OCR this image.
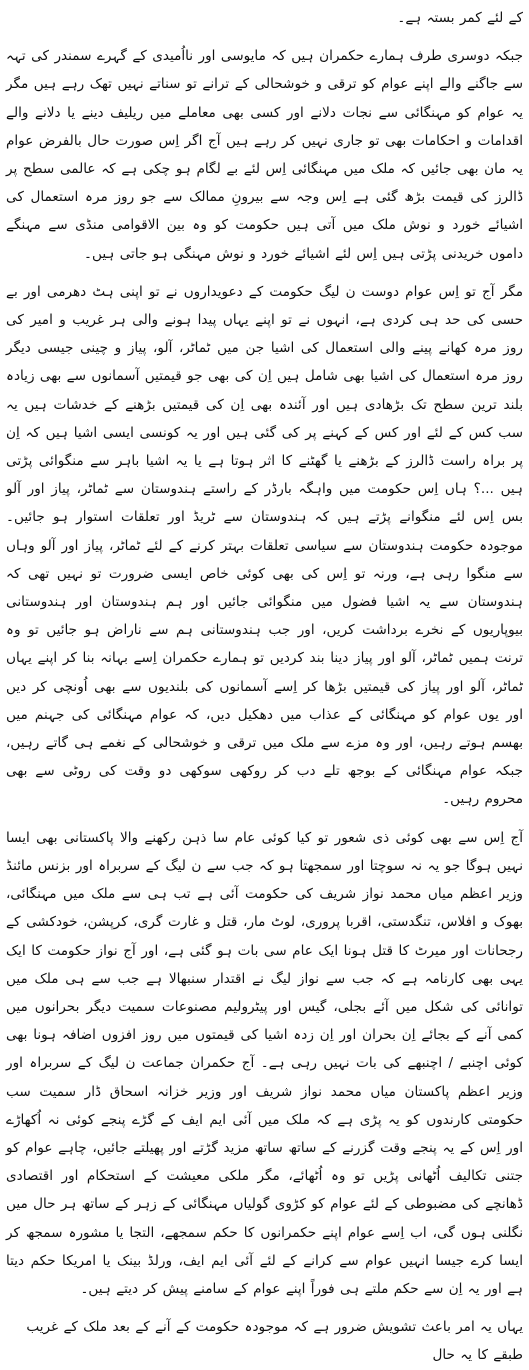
کے لئے کمر بستہ ہے۔

جبکہ دوسری طرف ہمارے حکمران ہیں کہ مایوسی اور نااُمیدی کے گہرے سمندر کی تہہ سے جاگنے والے اپنے عوام کو ترقی و خوشحالی کے ترانے تو سناتے نہیں تھک رہے ہیں مگر یہ عوام کو مہنگائی سے نجات دلانے اور کسی بھی معاملے میں ریلیف دینے یا دلانے والے اقدامات و احکامات بھی تو جاری نہیں کر رہے ہیں آج اگر اِس صورت حال بالفرض عوام یہ مان بھی جائیں کہ ملک میں مہنگائی اِس لئے بے لگام ہو چکی ہے کہ عالمی سطح پر ڈالرز کی قیمت بڑھ گئی ہے اِس وجہ سے بیرونِ ممالک سے جو روز مرہ استعمال کی اشیائے خورد و نوش ملک میں آتی ہیں حکومت کو وہ بین الاقوامی منڈی سے مہنگے داموں خریدنی پڑتی ہیں اِس لئے اشیائے خورد و نوش مہنگی ہو جاتی ہیں۔

مگر آج تو اِس عوام دوست ن لیگ حکومت کے دعویداروں نے تو اپنی ہٹ دھرمی اور بے حسی کی حد ہی کردی ہے، انہوں نے تو اپنے یہاں پیدا ہونے والی ہر غریب و امیر کی روز مرہ کھانے پینے والی استعمال کی اشیا جن میں ٹماٹر، آلو، پیاز و چینی جیسی دیگر روز مرہ استعمال کی اشیا بھی شامل ہیں اِن کی بھی جو قیمتیں آسمانوں سے بھی زیادہ بلند ترین سطح تک بڑھادی ہیں اور آئندہ بھی اِن کی قیمتیں بڑھنے کے خدشات ہیں یہ سب کس کے لئے اور کس کے کہنے پر کی گئی ہیں اور یہ کونسی ایسی اشیا ہیں کہ اِن پر براہ راست ڈالرز کے بڑھنے یا گھٹنے کا اثر ہوتا ہے یا یہ اشیا باہر سے منگوائی پڑتی ہیں ...؟ ہاں اِس حکومت میں واہگہ بارڈر کے راستے ہندوستان سے ٹماٹر، پیاز اور آلو بس اِس لئے منگوانے پڑتے ہیں کہ ہندوستان سے ٹریڈ اور تعلقات استوار ہو جائیں۔ موجودہ حکومت ہندوستان سے سیاسی تعلقات بہتر کرنے کے لئے ٹماٹر، پیاز اور آلو وہاں سے منگوا رہی ہے، ورنہ تو اِس کی بھی کوئی خاص ایسی ضرورت تو نہیں تھی کہ ہندوستان سے یہ اشیا فضول میں منگوائی جائیں اور ہم ہندوستان اور ہندوستانی بیوپاریوں کے نخرے برداشت کریں، اور جب ہندوستانی ہم سے ناراض ہو جائیں تو وہ ترنت ہمیں ٹماٹر، آلو اور پیاز دینا بند کردیں تو ہمارے حکمران اِسے بہانہ بنا کر اپنے یہاں ٹماٹر، آلو اور پیاز کی قیمتیں بڑھا کر اِسے آسمانوں کی بلندیوں سے بھی اُونچی کر دیں اور یوں عوام کو مہنگائی کے عذاب میں دھکیل دیں، کہ عوام مہنگائی کی جہنم میں بھسم ہوتے رہیں، اور وہ مزے سے ملک میں ترقی و خوشحالی کے نغمے ہی گاتے رہیں، جبکہ عوام مہنگائی کے بوجھ تلے دب کر روکھی سوکھی دو وقت کی روٹی سے بھی محروم رہیں۔

آج اِس سے بھی کوئی ذی شعور تو کیا کوئی عام سا ذہن رکھنے والا پاکستانی بھی ایسا نہیں ہوگا جو یہ نہ سوچتا اور سمجھتا ہو کہ جب سے ن لیگ کے سربراہ اور بزنس مائنڈ وزیر اعظم میاں محمد نواز شریف کی حکومت آئی ہے تب ہی سے ملک میں مہنگائی، بھوک و افلاس، تنگدستی، اقربا پروری، لوٹ مار، قتل و غارت گری، کرپشن، خودکشی کے رجحانات اور میرٹ کا قتل ہونا ایک عام سی بات ہو گئی ہے، اور آج نواز حکومت کا ایک یہی بھی کارنامہ ہے کہ جب سے نواز لیگ نے اقتدار سنبھالا ہے جب سے ہی ملک میں توانائی کی شکل میں آئے بجلی، گیس اور پیٹرولیم مصنوعات سمیت دیگر بحرانوں میں کمی آنے کے بجائے اِن بحران اور اِن زدہ اشیا کی قیمتوں میں روز افزوں اضافہ ہونا بھی کوئی اچنبے / اچنبھے کی بات نہیں رہی ہے۔ آج حکمران جماعت ن لیگ کے سربراہ اور وزیر اعظم پاکستان میاں محمد نواز شریف اور وزیر خزانہ اسحاق ڈار سمیت سب حکومتی کارندوں کو یہ پڑی ہے کہ ملک میں آئی ایم ایف کے گڑے پنجے کوئی نہ اُکھاڑے اور اِس کے یہ پنجے وقت گزرنے کے ساتھ ساتھ مزید گڑتے اور پھیلتے جائیں، چاہے عوام کو جتنی تکالیف اُٹھانی پڑیں تو وہ اُٹھائے، مگر ملکی معیشت کے استحکام اور اقتصادی ڈھانچے کی مضبوطی کے لئے عوام کو کڑوی گولیاں مہنگائی کے زہر کے ساتھ ہر حال میں نگلنی ہوں گی، اب اِسے عوام اپنے حکمرانوں کا حکم سمجھے، التجا یا مشورہ سمجھ کر ایسا کرے جیسا انہیں عوام سے کرانے کے لئے آئی ایم ایف، ورلڈ بینک یا امریکا حکم دیتا ہے اور یہ اِن سے حکم ملتے ہی فوراً اپنے عوام کے سامنے پیش کر دیتے ہیں۔

یہاں یہ امر باعث تشویش ضرور ہے کہ موجودہ حکومت کے آنے کے بعد ملک کے غریب طبقے کا یہ حال
